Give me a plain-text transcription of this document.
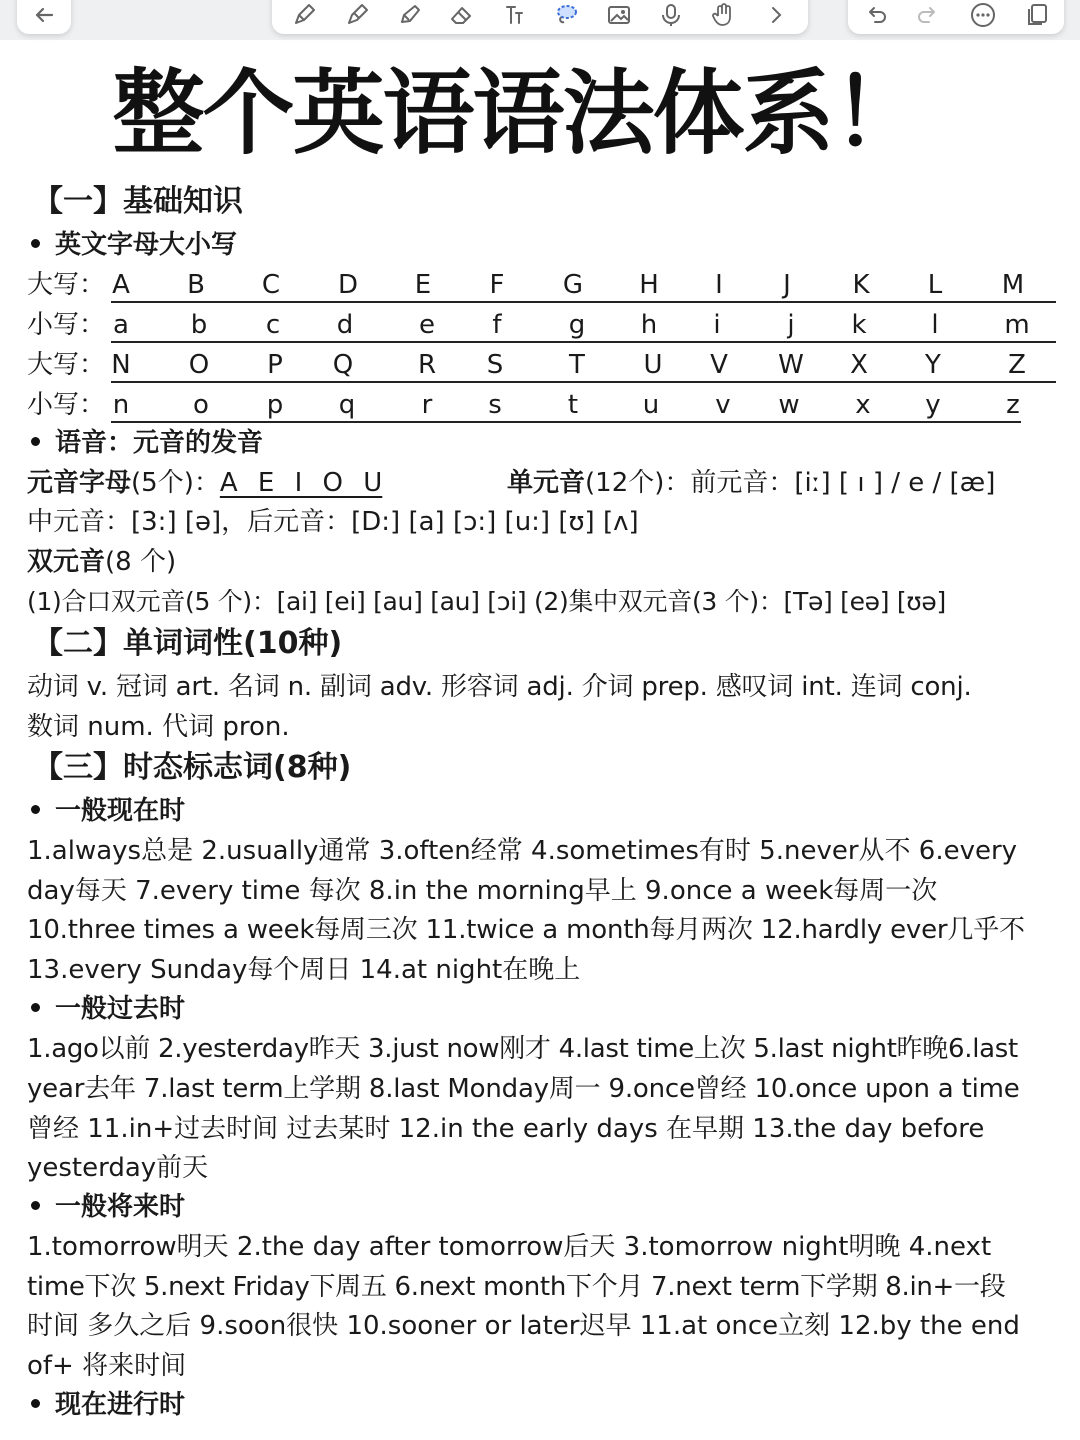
整个英语语法体系！
【一】基础知识
英文字母大小写
大写： A B C D E F G H I J K L M
小写： a b c d	e f	g h i	j k l	m
大写： N O P Q R S	T U V W X Y	Z
小写： n o p q	r s	t u v w x y	z
语音：元音的发音
元音字母(5个)：A E I O U	单元音(12个)：前元音：[iː] [ ı ] / e / [æ]
中元音：[3:] [ə]，后元音：[D:] [a] [ɔ:] [u:] [ʊ] [ʌ]
双元音(8 个)
(1)合口双元音(5 个)：[ai] [ei] [au] [au] [ɔi] (2)集中双元音(3 个)：[Tə] [eə] [ʊə]
【二】单词词性(10种)
动词 v. 冠词 art. 名词 n. 副词 adv. 形容词 adj. 介词 prep. 感叹词 int. 连词 conj.
数词 num. 代词 pron.
【三】时态标志词(8种)
一般现在时
1.always总是 2.usually通常 3.often经常 4.sometimes有时 5.never从不 6.every
day每天 7.every time 每次 8.in the morning早上 9.once a week每周一次
10.three times a week每周三次 11.twice a month每月两次 12.hardly ever几乎不
13.every Sunday每个周日 14.at night在晚上
一般过去时
1.ago以前 2.yesterday昨天 3.just now刚才 4.last time上次 5.last night昨晚6.last
year去年 7.last term上学期 8.last Monday周一 9.once曾经 10.once upon a time
曾经 11.in+过去时间 过去某时 12.in the early days 在早期 13.the day before
yesterday前天
一般将来时
1.tomorrow明天 2.the day after tomorrow后天 3.tomorrow night明晚 4.next
time下次 5.next Friday下周五 6.next month下个月 7.next term下学期 8.in+一段
时间 多久之后 9.soon很快 10.sooner or later迟早 11.at once立刻 12.by the end
of+ 将来时间
现在进行时
